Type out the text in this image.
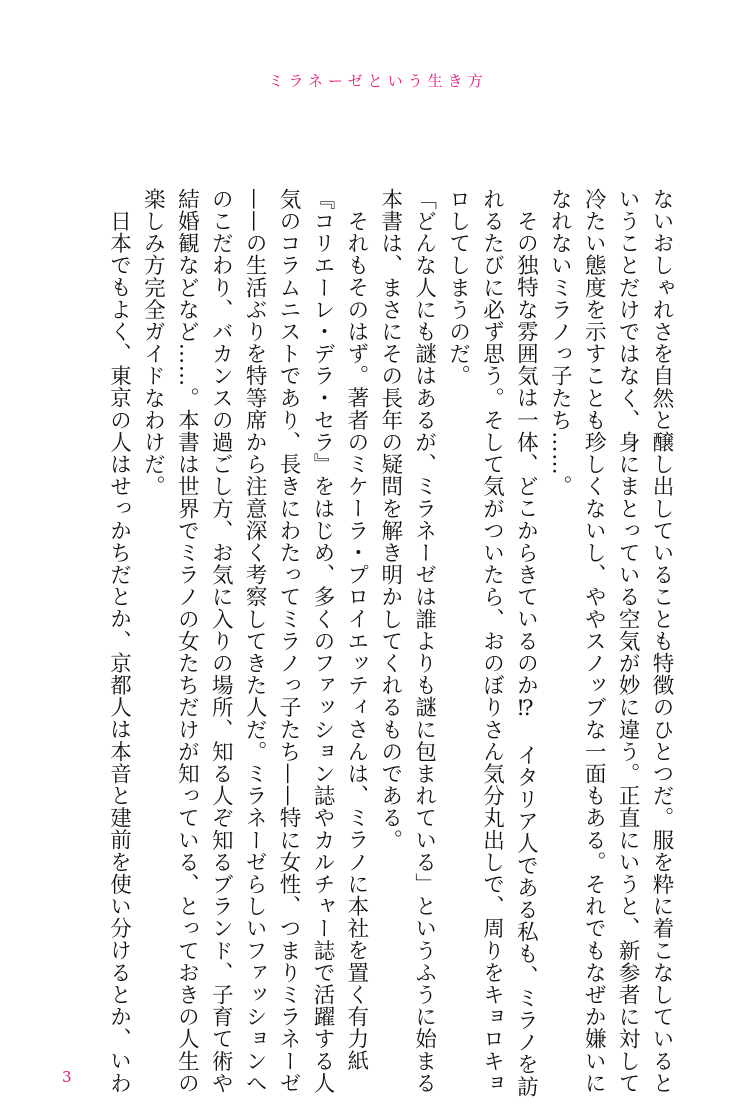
ミラネーゼという生き方

ないおしゃれさを自然と醸し出していることも特徴のひとつだ。服を粋に着こなしていると
いうことだけではなく、身にまとっている空気が妙に違う。正直にいうと、新参者に対して
冷たい態度を示すことも珍しくないし、ややスノッブな一面もある。それでもなぜか嫌いに
なれないミラノっ子たち……。

その独特な雰囲気は一体、どこからきているのか⁉　イタリア人である私も、ミラノを訪
れるたびに必ず思う。そして気がついたら、おのぼりさん気分丸出しで、周りをキョロキョ
ロしてしまうのだ。

「どんな人にも謎はあるが、ミラネーゼは誰よりも謎に包まれている」というふうに始まる
本書は、まさにその長年の疑問を解き明かしてくれるものである。

それもそのはず。著者のミケーラ・プロイエッティさんは、ミラノに本社を置く有力紙
『コリエーレ・デラ・セラ』をはじめ、多くのファッション誌やカルチャー誌で活躍する人
気のコラムニストであり、長きにわたってミラノっ子たち——特に女性、つまりミラネーゼ
——の生活ぶりを特等席から注意深く考察してきた人だ。ミラネーゼらしいファッションへ
のこだわり、バカンスの過ごし方、お気に入りの場所、知る人ぞ知るブランド、子育て術や
結婚観などなど……。本書は世界でミラノの女たちだけが知っている、とっておきの人生の
楽しみ方完全ガイドなわけだ。

日本でもよく、東京の人はせっかちだとか、京都人は本音と建前を使い分けるとか、いわ

3
